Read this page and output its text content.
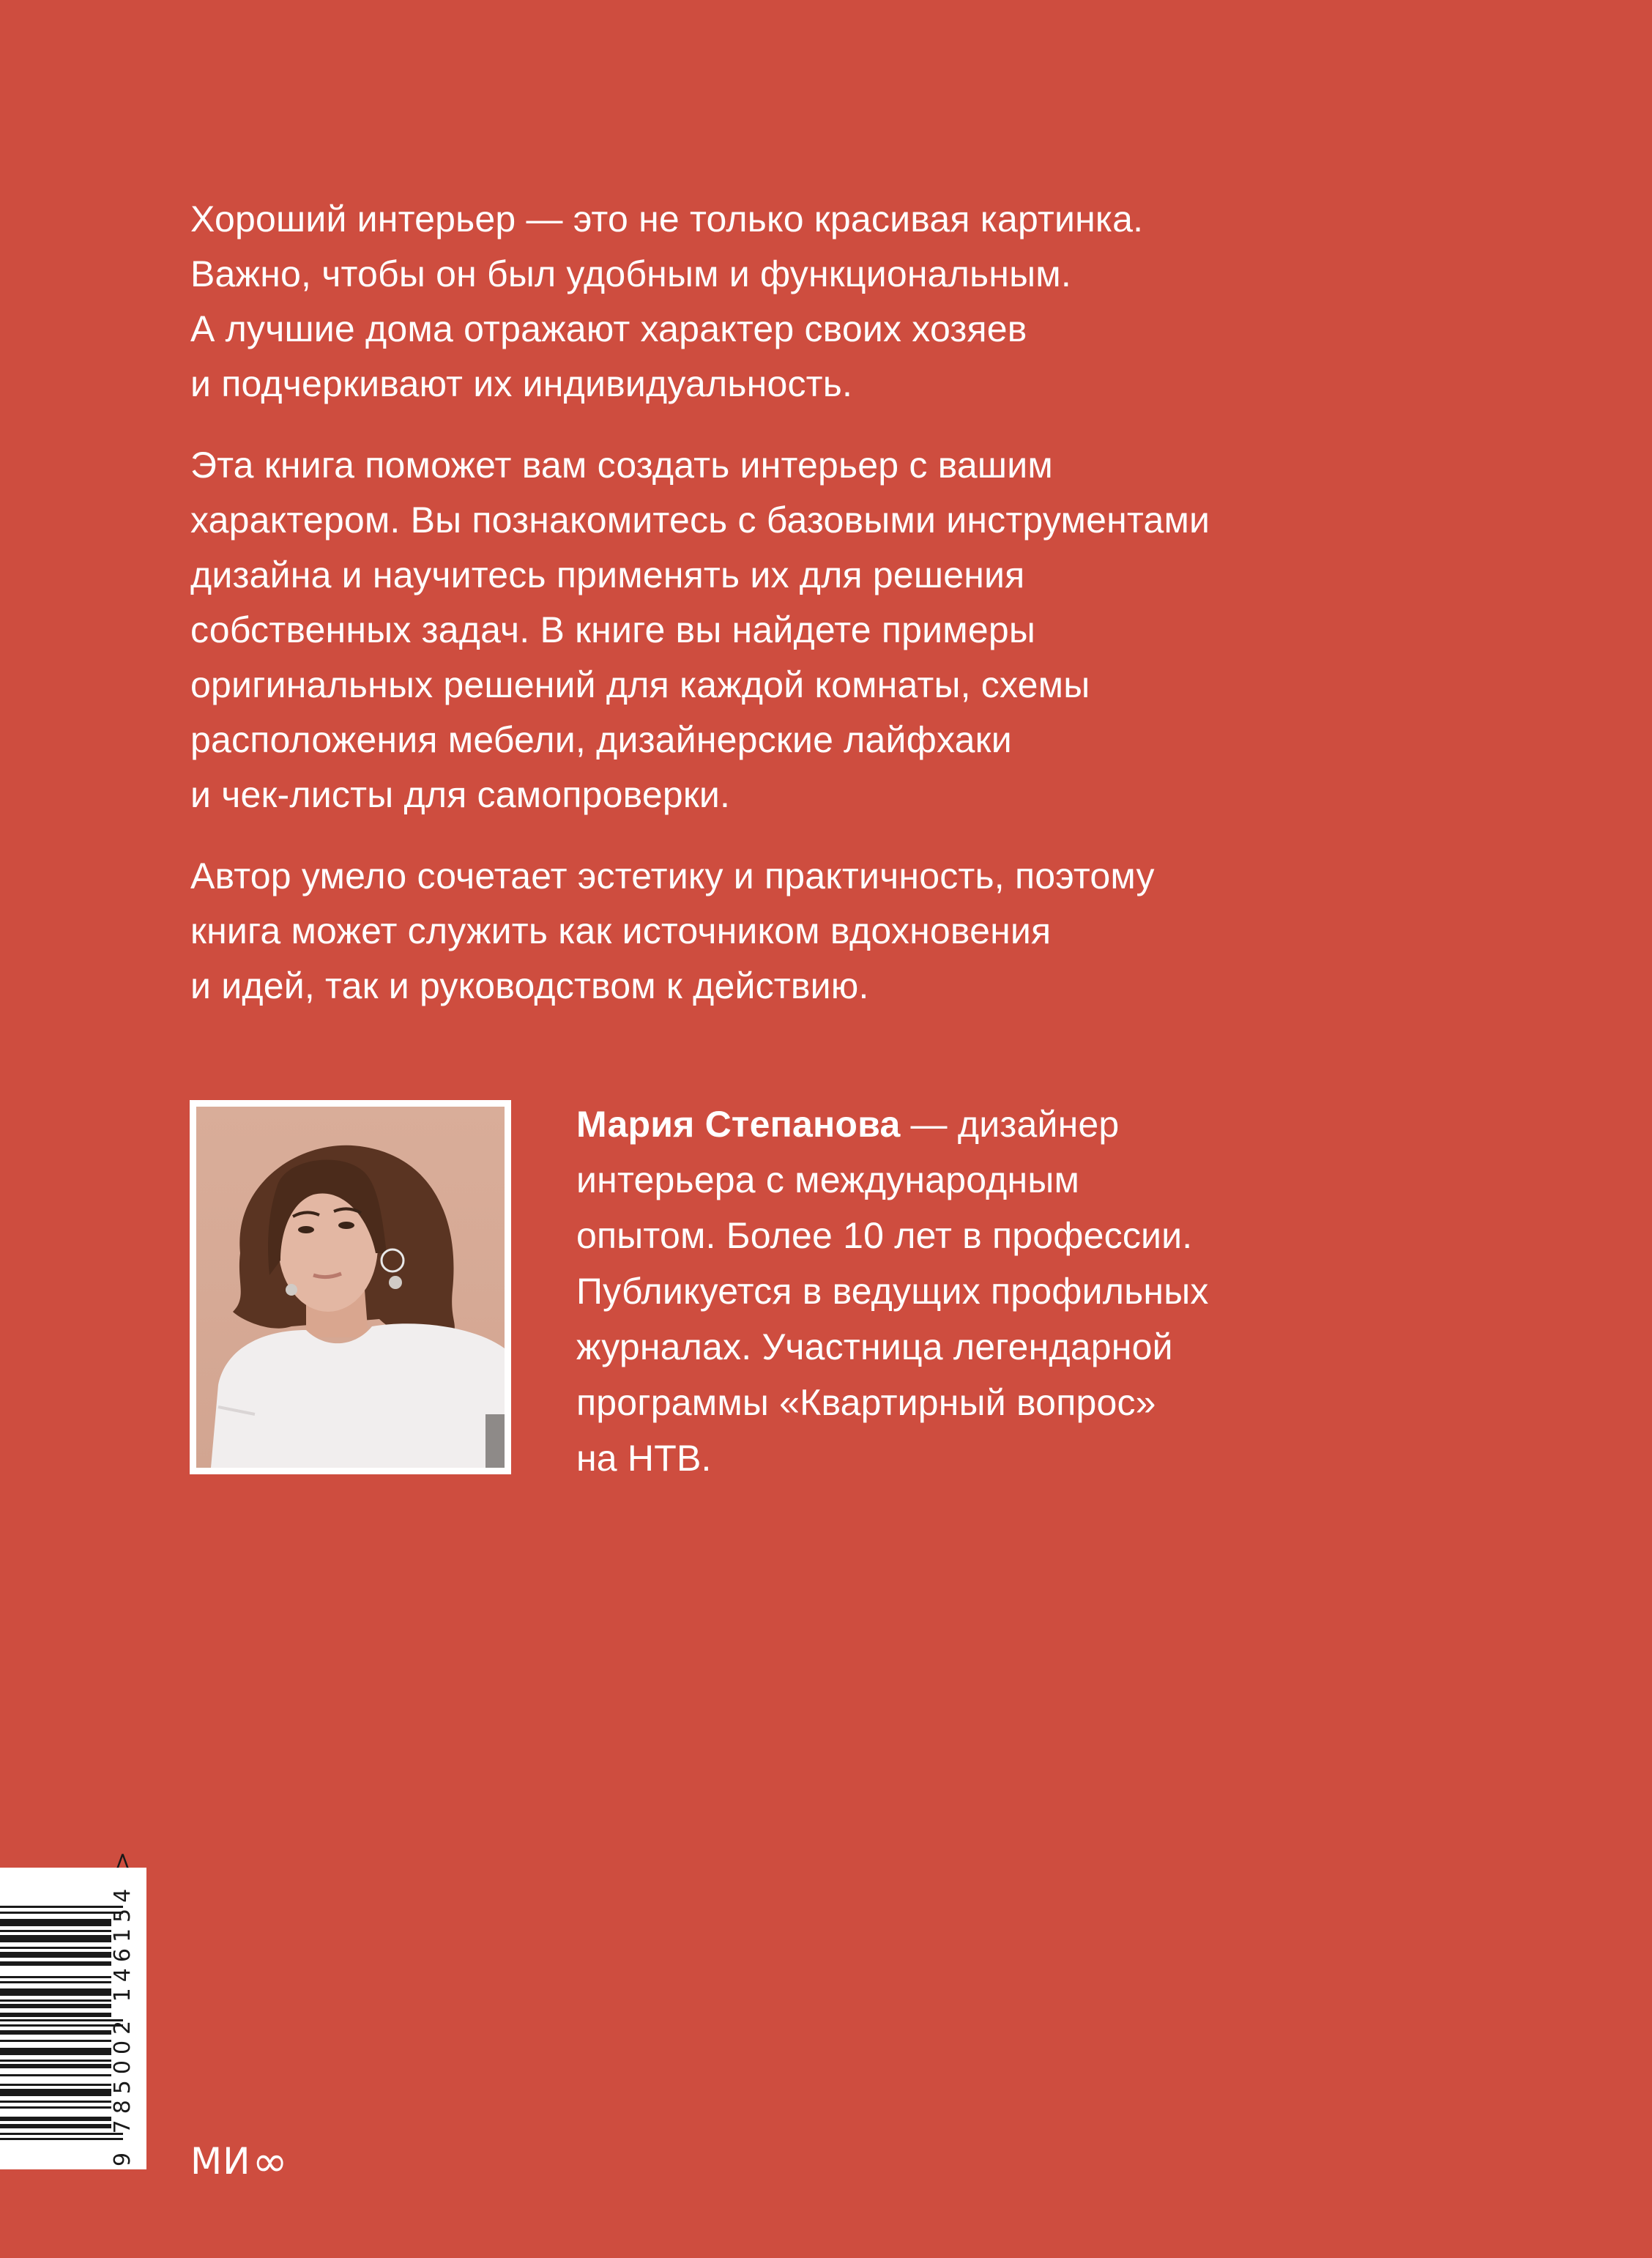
Хороший интерьер — это не только красивая картинка.
Важно, чтобы он был удобным и функциональным.
А лучшие дома отражают характер своих хозяев
и подчеркивают их индивидуальность.

Эта книга поможет вам создать интерьер с вашим
характером. Вы познакомитесь с базовыми инструментами
дизайна и научитесь применять их для решения
собственных задач. В книге вы найдете примеры
оригинальных решений для каждой комнаты, схемы
расположения мебели, дизайнерские лайфхаки
и чек-листы для самопроверки.

Автор умело сочетает эстетику и практичность, поэтому
книга может служить как источником вдохновения
и идей, так и руководством к действию.

Мария Степанова — дизайнер
интерьера с международным
опытом. Более 10 лет в профессии.
Публикуется в ведущих профильных
журналах. Участница легендарной
программы «Квартирный вопрос»
на НТВ.
9 785002 146154 > МИ ∞
